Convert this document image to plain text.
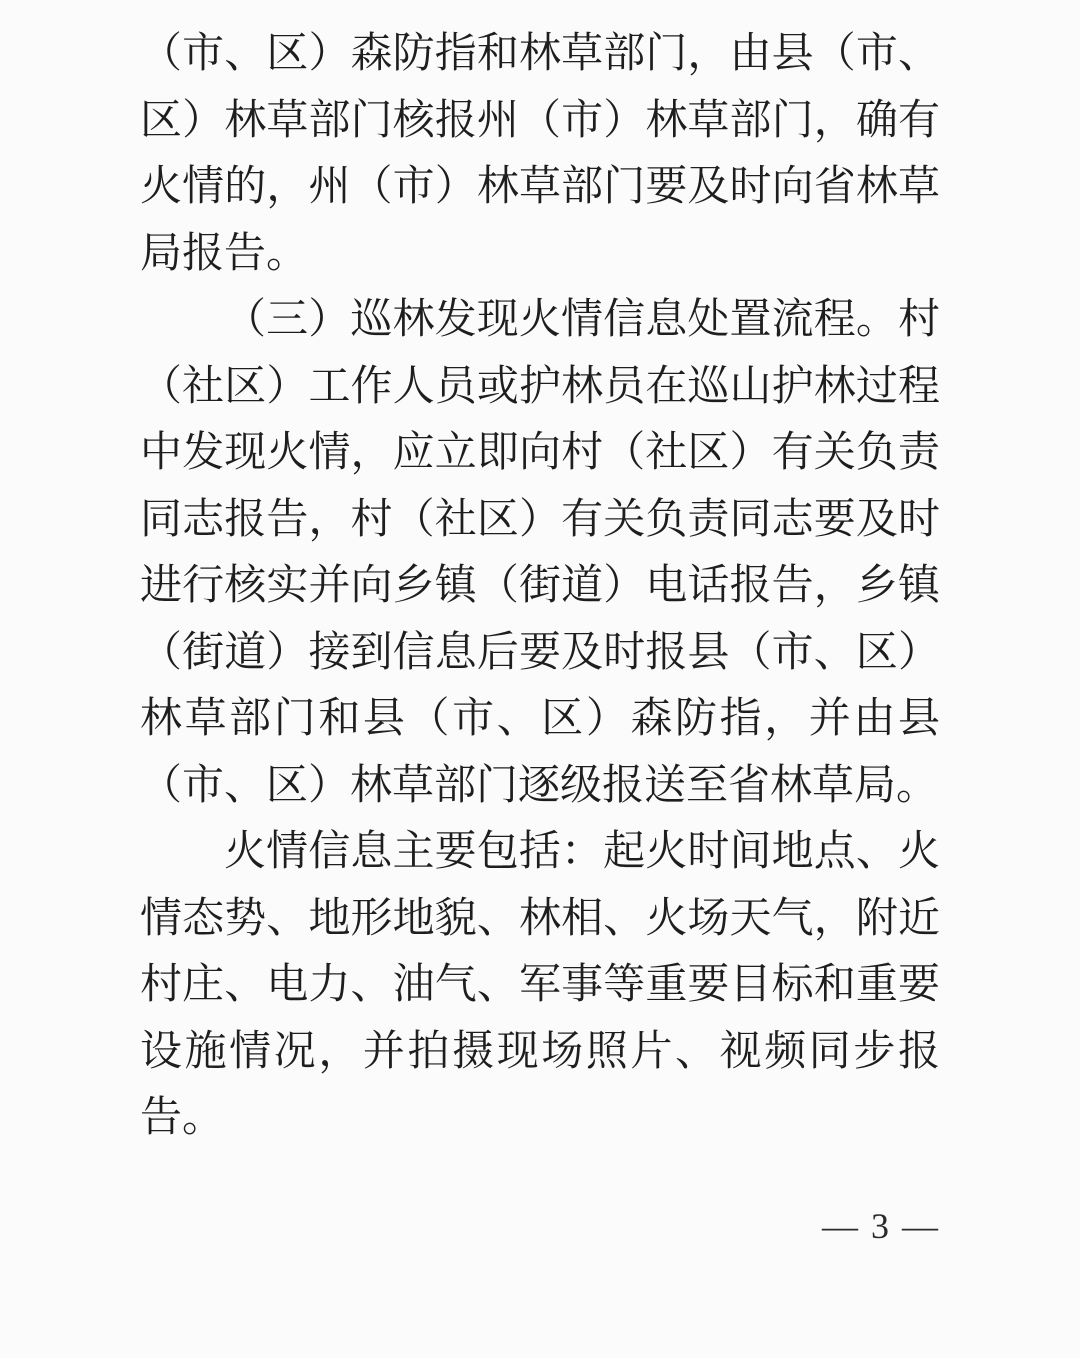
（市、区）森防指和林草部门，由县（市、
区）林草部门核报州（市）林草部门，确有
火情的，州（市）林草部门要及时向省林草
局报告。
（三）巡林发现火情信息处置流程。村
（社区）工作人员或护林员在巡山护林过程
中发现火情，应立即向村（社区）有关负责
同志报告，村（社区）有关负责同志要及时
进行核实并向乡镇（街道）电话报告，乡镇
（街道）接到信息后要及时报县（市、区）
林草部门和县（市、区）森防指，并由县
（市、区）林草部门逐级报送至省林草局。
火情信息主要包括：起火时间地点、火
情态势、地形地貌、林相、火场天气，附近
村庄、电力、油气、军事等重要目标和重要
设施情况，并拍摄现场照片、视频同步报
告。
— 3 —
